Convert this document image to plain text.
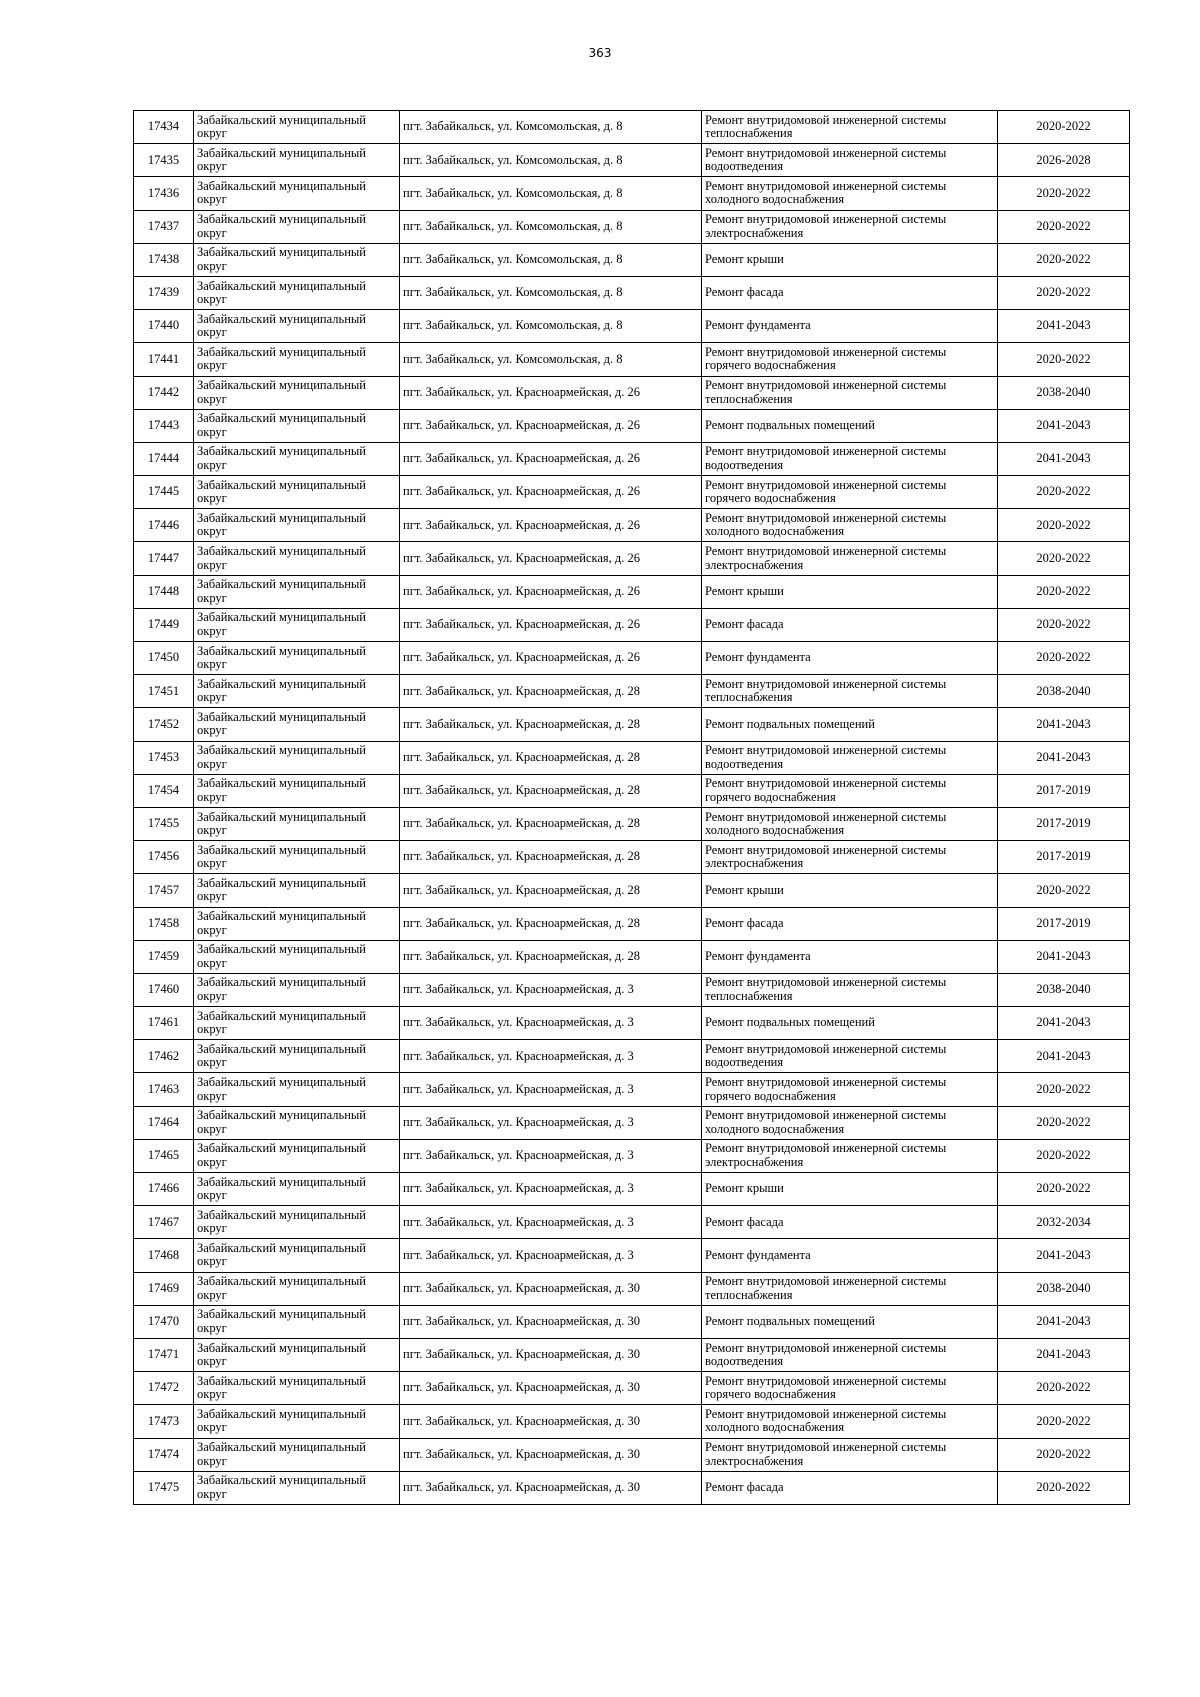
363
17434	Забайкальский муниципальный округ	пгт. Забайкальск, ул. Комсомольская, д. 8	Ремонт внутридомовой инженерной системы теплоснабжения	2020-2022
17435	Забайкальский муниципальный округ	пгт. Забайкальск, ул. Комсомольская, д. 8	Ремонт внутридомовой инженерной системы водоотведения	2026-2028
17436	Забайкальский муниципальный округ	пгт. Забайкальск, ул. Комсомольская, д. 8	Ремонт внутридомовой инженерной системы холодного водоснабжения	2020-2022
17437	Забайкальский муниципальный округ	пгт. Забайкальск, ул. Комсомольская, д. 8	Ремонт внутридомовой инженерной системы электроснабжения	2020-2022
17438	Забайкальский муниципальный округ	пгт. Забайкальск, ул. Комсомольская, д. 8	Ремонт крыши	2020-2022
17439	Забайкальский муниципальный округ	пгт. Забайкальск, ул. Комсомольская, д. 8	Ремонт фасада	2020-2022
17440	Забайкальский муниципальный округ	пгт. Забайкальск, ул. Комсомольская, д. 8	Ремонт фундамента	2041-2043
17441	Забайкальский муниципальный округ	пгт. Забайкальск, ул. Комсомольская, д. 8	Ремонт внутридомовой инженерной системы горячего водоснабжения	2020-2022
17442	Забайкальский муниципальный округ	пгт. Забайкальск, ул. Красноармейская, д. 26	Ремонт внутридомовой инженерной системы теплоснабжения	2038-2040
17443	Забайкальский муниципальный округ	пгт. Забайкальск, ул. Красноармейская, д. 26	Ремонт подвальных помещений	2041-2043
17444	Забайкальский муниципальный округ	пгт. Забайкальск, ул. Красноармейская, д. 26	Ремонт внутридомовой инженерной системы водоотведения	2041-2043
17445	Забайкальский муниципальный округ	пгт. Забайкальск, ул. Красноармейская, д. 26	Ремонт внутридомовой инженерной системы горячего водоснабжения	2020-2022
17446	Забайкальский муниципальный округ	пгт. Забайкальск, ул. Красноармейская, д. 26	Ремонт внутридомовой инженерной системы холодного водоснабжения	2020-2022
17447	Забайкальский муниципальный округ	пгт. Забайкальск, ул. Красноармейская, д. 26	Ремонт внутридомовой инженерной системы электроснабжения	2020-2022
17448	Забайкальский муниципальный округ	пгт. Забайкальск, ул. Красноармейская, д. 26	Ремонт крыши	2020-2022
17449	Забайкальский муниципальный округ	пгт. Забайкальск, ул. Красноармейская, д. 26	Ремонт фасада	2020-2022
17450	Забайкальский муниципальный округ	пгт. Забайкальск, ул. Красноармейская, д. 26	Ремонт фундамента	2020-2022
17451	Забайкальский муниципальный округ	пгт. Забайкальск, ул. Красноармейская, д. 28	Ремонт внутридомовой инженерной системы теплоснабжения	2038-2040
17452	Забайкальский муниципальный округ	пгт. Забайкальск, ул. Красноармейская, д. 28	Ремонт подвальных помещений	2041-2043
17453	Забайкальский муниципальный округ	пгт. Забайкальск, ул. Красноармейская, д. 28	Ремонт внутридомовой инженерной системы водоотведения	2041-2043
17454	Забайкальский муниципальный округ	пгт. Забайкальск, ул. Красноармейская, д. 28	Ремонт внутридомовой инженерной системы горячего водоснабжения	2017-2019
17455	Забайкальский муниципальный округ	пгт. Забайкальск, ул. Красноармейская, д. 28	Ремонт внутридомовой инженерной системы холодного водоснабжения	2017-2019
17456	Забайкальский муниципальный округ	пгт. Забайкальск, ул. Красноармейская, д. 28	Ремонт внутридомовой инженерной системы электроснабжения	2017-2019
17457	Забайкальский муниципальный округ	пгт. Забайкальск, ул. Красноармейская, д. 28	Ремонт крыши	2020-2022
17458	Забайкальский муниципальный округ	пгт. Забайкальск, ул. Красноармейская, д. 28	Ремонт фасада	2017-2019
17459	Забайкальский муниципальный округ	пгт. Забайкальск, ул. Красноармейская, д. 28	Ремонт фундамента	2041-2043
17460	Забайкальский муниципальный округ	пгт. Забайкальск, ул. Красноармейская, д. 3	Ремонт внутридомовой инженерной системы теплоснабжения	2038-2040
17461	Забайкальский муниципальный округ	пгт. Забайкальск, ул. Красноармейская, д. 3	Ремонт подвальных помещений	2041-2043
17462	Забайкальский муниципальный округ	пгт. Забайкальск, ул. Красноармейская, д. 3	Ремонт внутридомовой инженерной системы водоотведения	2041-2043
17463	Забайкальский муниципальный округ	пгт. Забайкальск, ул. Красноармейская, д. 3	Ремонт внутридомовой инженерной системы горячего водоснабжения	2020-2022
17464	Забайкальский муниципальный округ	пгт. Забайкальск, ул. Красноармейская, д. 3	Ремонт внутридомовой инженерной системы холодного водоснабжения	2020-2022
17465	Забайкальский муниципальный округ	пгт. Забайкальск, ул. Красноармейская, д. 3	Ремонт внутридомовой инженерной системы электроснабжения	2020-2022
17466	Забайкальский муниципальный округ	пгт. Забайкальск, ул. Красноармейская, д. 3	Ремонт крыши	2020-2022
17467	Забайкальский муниципальный округ	пгт. Забайкальск, ул. Красноармейская, д. 3	Ремонт фасада	2032-2034
17468	Забайкальский муниципальный округ	пгт. Забайкальск, ул. Красноармейская, д. 3	Ремонт фундамента	2041-2043
17469	Забайкальский муниципальный округ	пгт. Забайкальск, ул. Красноармейская, д. 30	Ремонт внутридомовой инженерной системы теплоснабжения	2038-2040
17470	Забайкальский муниципальный округ	пгт. Забайкальск, ул. Красноармейская, д. 30	Ремонт подвальных помещений	2041-2043
17471	Забайкальский муниципальный округ	пгт. Забайкальск, ул. Красноармейская, д. 30	Ремонт внутридомовой инженерной системы водоотведения	2041-2043
17472	Забайкальский муниципальный округ	пгт. Забайкальск, ул. Красноармейская, д. 30	Ремонт внутридомовой инженерной системы горячего водоснабжения	2020-2022
17473	Забайкальский муниципальный округ	пгт. Забайкальск, ул. Красноармейская, д. 30	Ремонт внутридомовой инженерной системы холодного водоснабжения	2020-2022
17474	Забайкальский муниципальный округ	пгт. Забайкальск, ул. Красноармейская, д. 30	Ремонт внутридомовой инженерной системы электроснабжения	2020-2022
17475	Забайкальский муниципальный округ	пгт. Забайкальск, ул. Красноармейская, д. 30	Ремонт фасада	2020-2022
